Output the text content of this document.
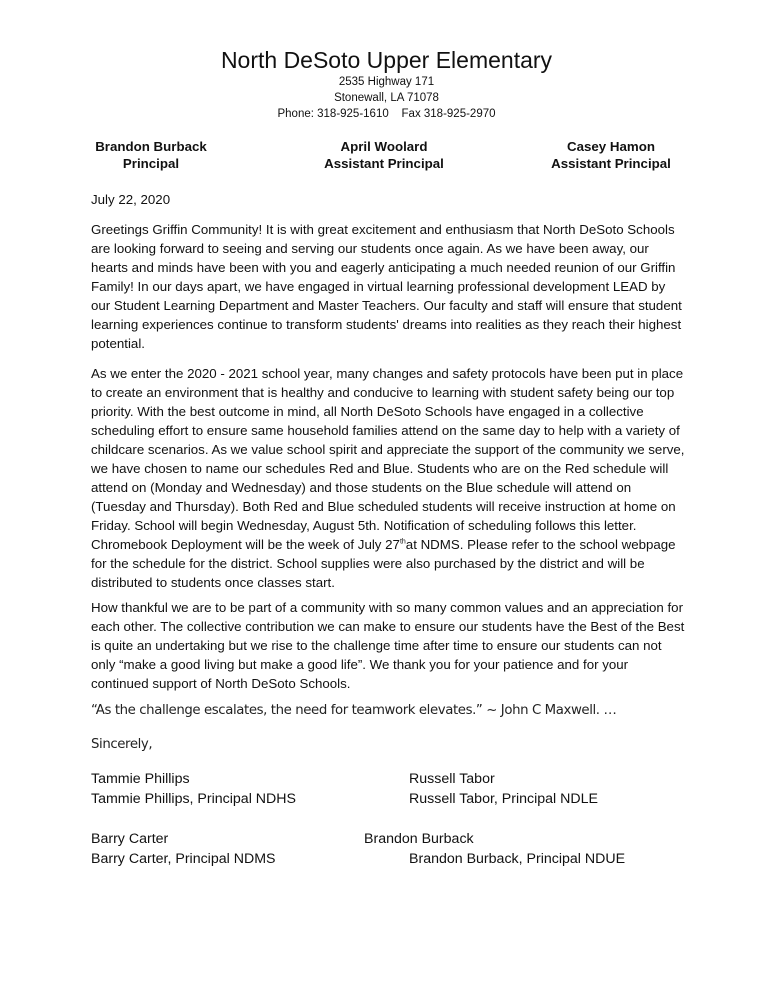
North DeSoto Upper Elementary
2535 Highway 171
Stonewall, LA 71078
Phone: 318-925-1610    Fax 318-925-2970
Brandon Burback
Principal
April Woolard
Assistant Principal
Casey Hamon
Assistant Principal

July 22, 2020

Greetings Griffin Community! It is with great excitement and enthusiasm that North DeSoto Schools are looking forward to seeing and serving our students once again. As we have been away, our hearts and minds have been with you and eagerly anticipating a much needed reunion of our Griffin Family! In our days apart, we have engaged in virtual learning professional development LEAD by our Student Learning Department and Master Teachers. Our faculty and staff will ensure that student learning experiences continue to transform students' dreams into realities as they reach their highest potential.

As we enter the 2020 - 2021 school year, many changes and safety protocols have been put in place to create an environment that is healthy and conducive to learning with student safety being our top priority. With the best outcome in mind, all North DeSoto Schools have engaged in a collective scheduling effort to ensure same household families attend on the same day to help with a variety of childcare scenarios. As we value school spirit and appreciate the support of the community we serve, we have chosen to name our schedules Red and Blue. Students who are on the Red schedule will attend on (Monday and Wednesday) and those students on the Blue schedule will attend on (Tuesday and Thursday). Both Red and Blue scheduled students will receive instruction at home on Friday. School will begin Wednesday, August 5th. Notification of scheduling follows this letter. Chromebook Deployment will be the week of July 27that NDMS. Please refer to the school webpage for the schedule for the district. School supplies were also purchased by the district and will be distributed to students once classes start.

How thankful we are to be part of a community with so many common values and an appreciation for each other. The collective contribution we can make to ensure our students have the Best of the Best is quite an undertaking but we rise to the challenge time after time to ensure our students can not only “make a good living but make a good life”. We thank you for your patience and for your continued support of North DeSoto Schools.

“As the challenge escalates, the need for teamwork elevates.” ~ John C Maxwell. …
Sincerely,
Tammie Phillips
Tammie Phillips, Principal NDHS
Russell Tabor
Russell Tabor, Principal NDLE
Barry Carter
Barry Carter, Principal NDMS
Brandon Burback
Brandon Burback, Principal NDUE
